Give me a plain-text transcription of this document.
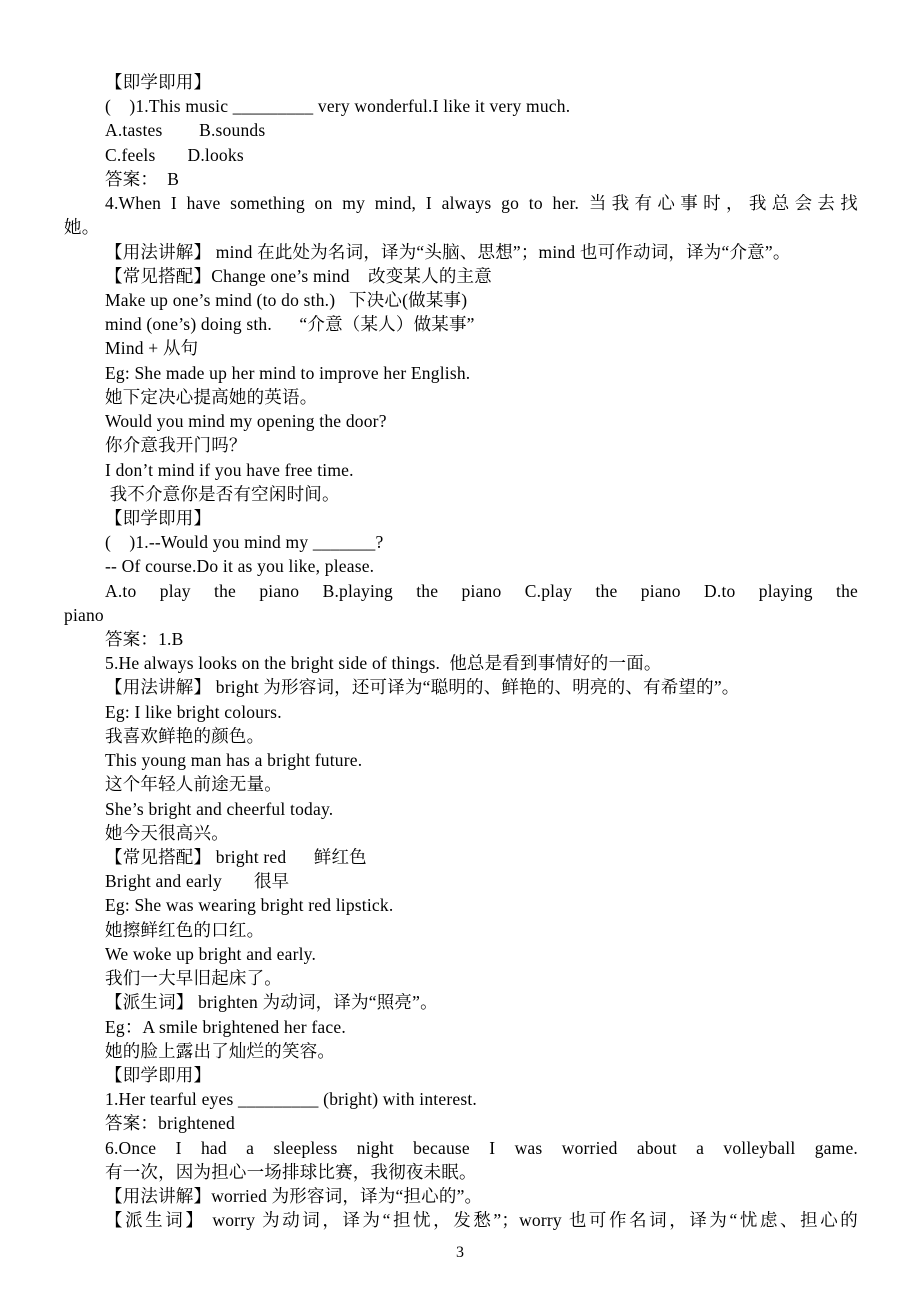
【即学即用】
(    )1.This music _________ very wonderful.I like it very much.
A.tastes        B.sounds
C.feels       D.looks
答案：  B
4.When I have something on my mind, I always go to her. 当我有心事时，我总会去找
她。
【用法讲解】 mind 在此处为名词，译为“头脑、思想”；mind 也可作动词，译为“介意”。
【常见搭配】Change one’s mind    改变某人的主意
Make up one’s mind (to do sth.)   下决心(做某事)
mind (one’s) doing sth.      “介意（某人）做某事”
Mind + 从句
Eg: She made up her mind to improve her English.
她下定决心提高她的英语。
Would you mind my opening the door?
你介意我开门吗？
I don’t mind if you have free time.
我不介意你是否有空闲时间。
【即学即用】
(    )1.--Would you mind my _______?
-- Of course.Do it as you like, please.
A.to play the piano B.playing the piano C.play the piano D.to playing the
piano
答案：1.B
5.He always looks on the bright side of things.  他总是看到事情好的一面。
【用法讲解】 bright 为形容词，还可译为“聪明的、鲜艳的、明亮的、有希望的”。
Eg: I like bright colours.
我喜欢鲜艳的颜色。
This young man has a bright future.
这个年轻人前途无量。
She’s bright and cheerful today.
她今天很高兴。
【常见搭配】 bright red      鲜红色
Bright and early       很早
Eg: She was wearing bright red lipstick.
她擦鲜红色的口红。
We woke up bright and early.
我们一大早旧起床了。
【派生词】 brighten 为动词，译为“照亮”。
Eg：A smile brightened her face.
她的脸上露出了灿烂的笑容。
【即学即用】
1.Her tearful eyes _________ (bright) with interest.
答案：brightened
6.Once I had a sleepless night because I was worried about a volleyball game.
有一次，因为担心一场排球比赛，我彻夜未眠。
【用法讲解】worried 为形容词，译为“担心的”。
【派生词】 worry 为动词，译为“担忧，发愁”；worry 也可作名词，译为“忧虑、担心的
3
